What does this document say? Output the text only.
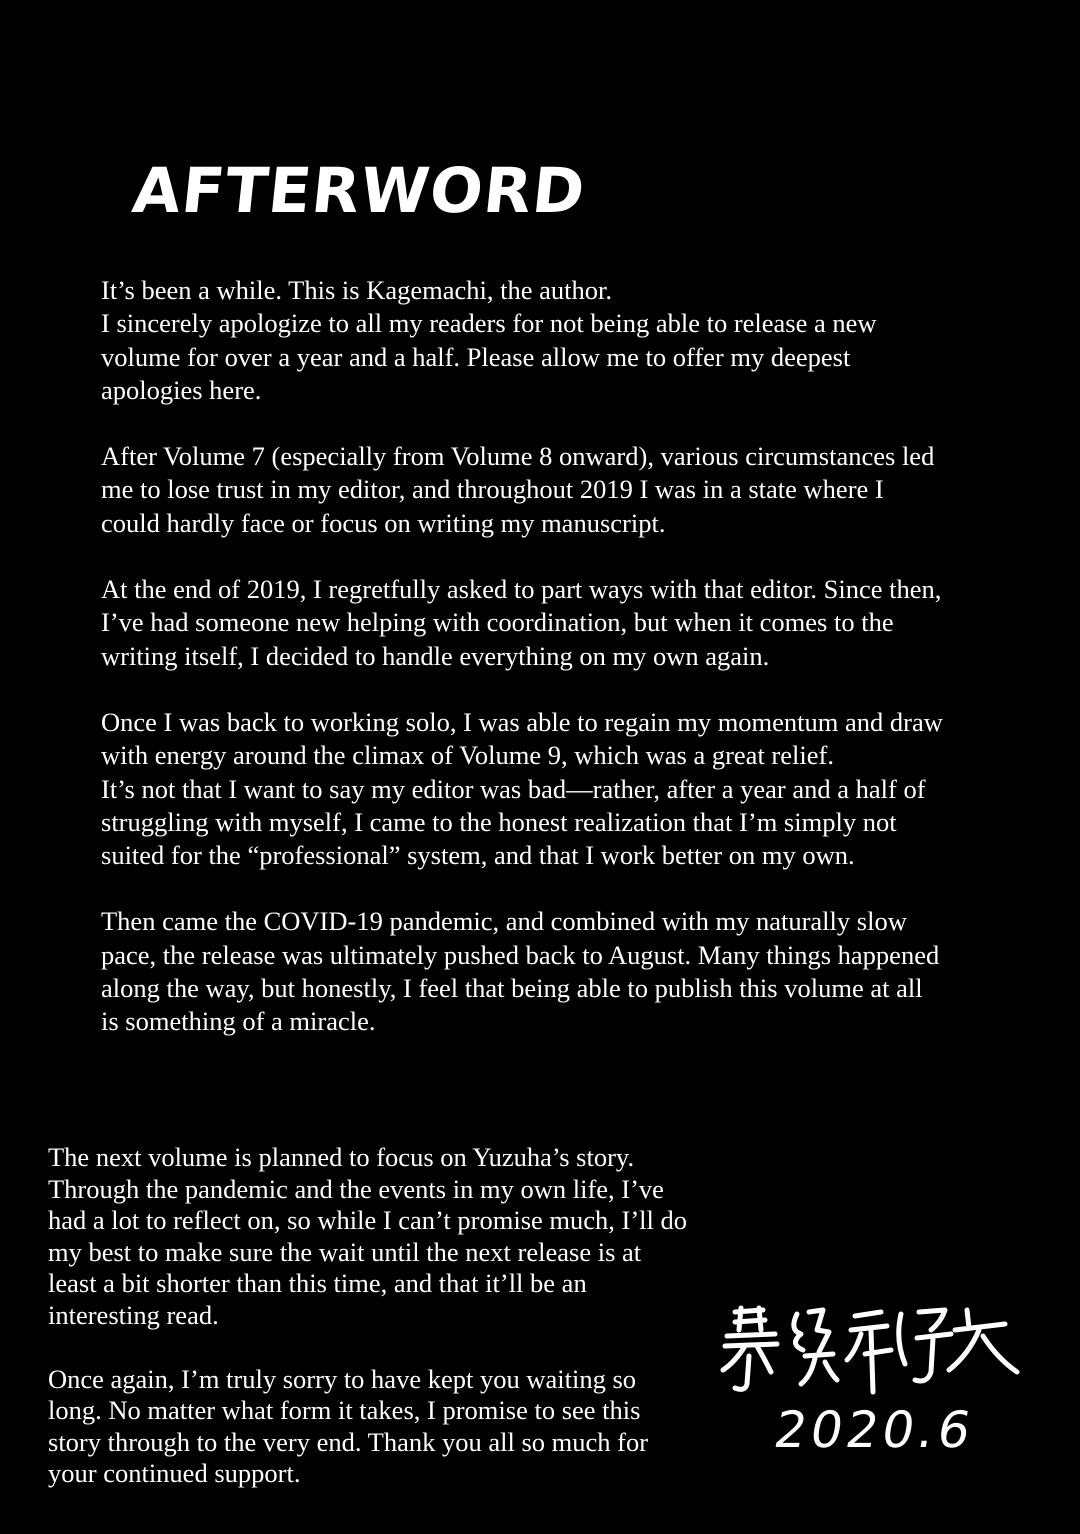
AFTERWORD

It’s been a while. This is Kagemachi, the author.
I sincerely apologize to all my readers for not being able to release a new
volume for over a year and a half. Please allow me to offer my deepest
apologies here.

After Volume 7 (especially from Volume 8 onward), various circumstances led
me to lose trust in my editor, and throughout 2019 I was in a state where I
could hardly face or focus on writing my manuscript.

At the end of 2019, I regretfully asked to part ways with that editor. Since then,
I’ve had someone new helping with coordination, but when it comes to the
writing itself, I decided to handle everything on my own again.

Once I was back to working solo, I was able to regain my momentum and draw
with energy around the climax of Volume 9, which was a great relief.
It’s not that I want to say my editor was bad—rather, after a year and a half of
struggling with myself, I came to the honest realization that I’m simply not
suited for the “professional” system, and that I work better on my own.

Then came the COVID-19 pandemic, and combined with my naturally slow
pace, the release was ultimately pushed back to August. Many things happened
along the way, but honestly, I feel that being able to publish this volume at all
is something of a miracle.

The next volume is planned to focus on Yuzuha’s story.
Through the pandemic and the events in my own life, I’ve
had a lot to reflect on, so while I can’t promise much, I’ll do
my best to make sure the wait until the next release is at
least a bit shorter than this time, and that it’ll be an
interesting read.

Once again, I’m truly sorry to have kept you waiting so
long. No matter what form it takes, I promise to see this
story through to the very end. Thank you all so much for
your continued support.

2020.6
